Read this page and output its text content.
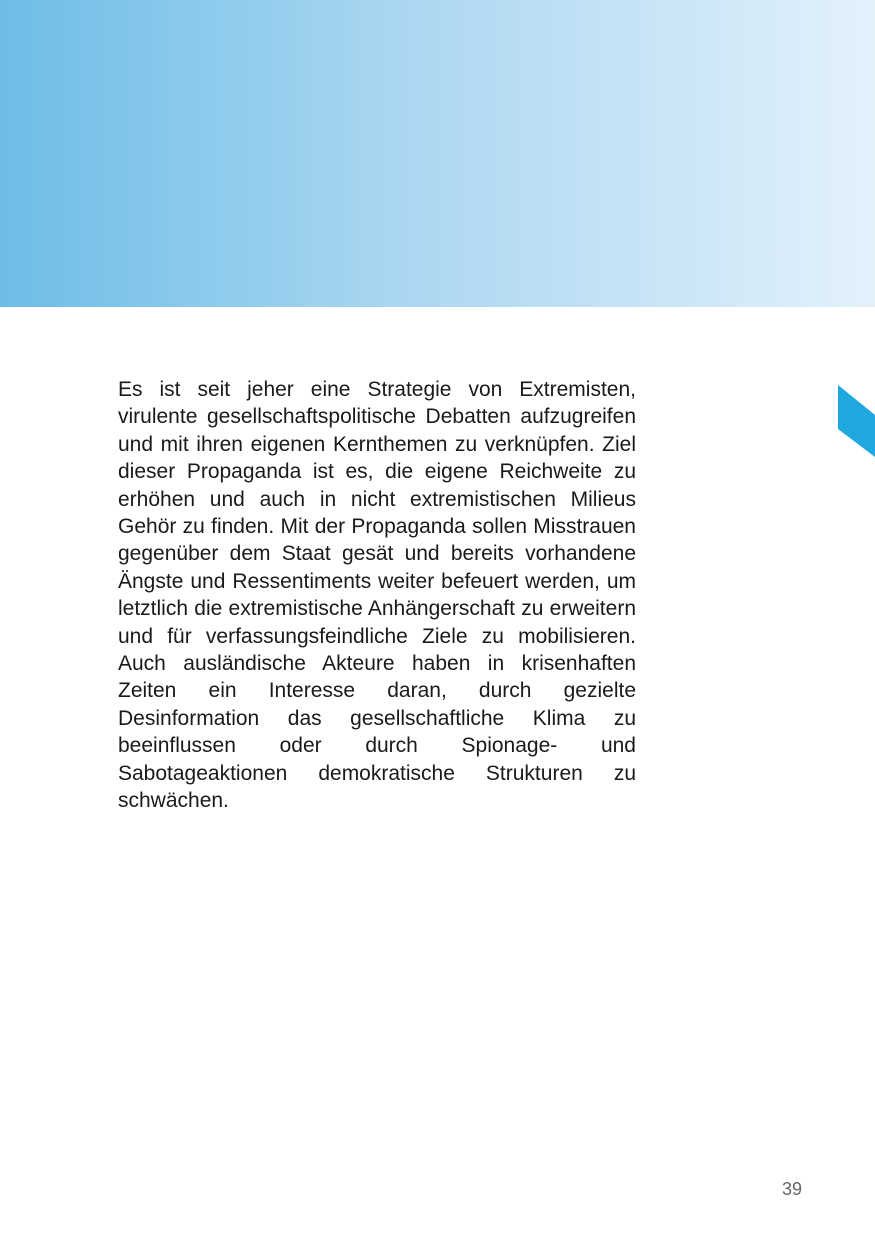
Es ist seit jeher eine Strategie von Extremisten, virulente gesellschaftspolitische Debatten aufzugreifen und mit ihren eigenen Kernthemen zu verknüpfen. Ziel dieser Propaganda ist es, die eigene Reichweite zu erhöhen und auch in nicht extremistischen Milieus Gehör zu finden. Mit der Propaganda sollen Misstrauen gegenüber dem Staat gesät und bereits vorhandene Ängste und Ressentiments weiter befeuert werden, um letztlich die extremistische Anhängerschaft zu erweitern und für verfassungsfeindliche Ziele zu mobilisieren. Auch ausländische Akteure haben in krisenhaften Zeiten ein Interesse daran, durch gezielte Desinformation das gesellschaftliche Klima zu beeinflussen oder durch Spionage- und Sabotageaktionen demokratische Strukturen zu schwächen.

39
